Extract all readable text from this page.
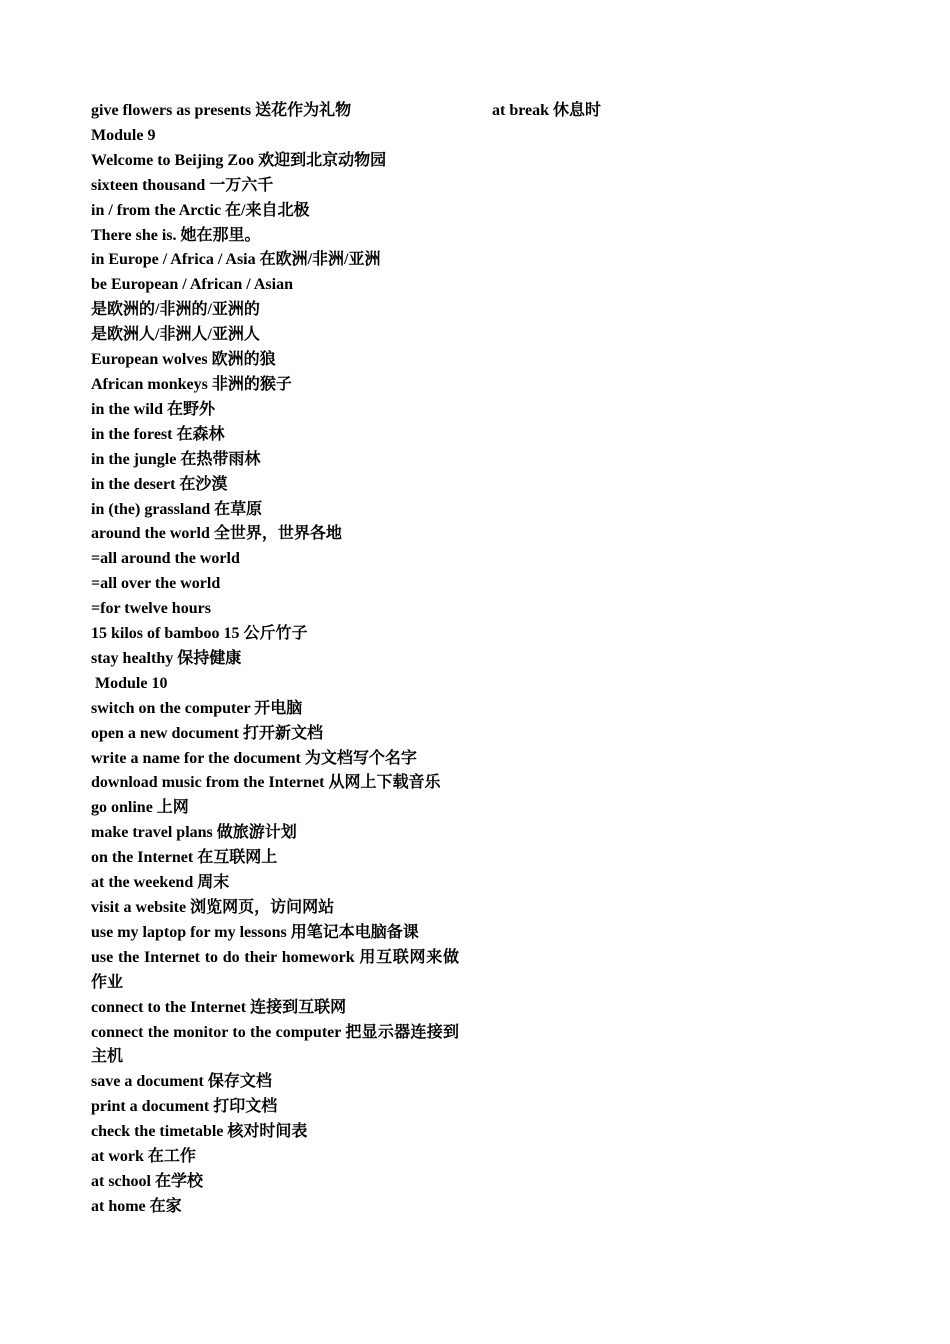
at break 休息时

give flowers as presents 送花作为礼物

Module 9

Welcome to Beijing Zoo 欢迎到北京动物园

sixteen thousand 一万六千

in / from the Arctic 在/来自北极

There she is. 她在那里。

in Europe / Africa / Asia 在欧洲/非洲/亚洲

be European / African / Asian

是欧洲的/非洲的/亚洲的

是欧洲人/非洲人/亚洲人

European wolves 欧洲的狼

African monkeys 非洲的猴子

in the wild 在野外

in the forest 在森林

in the jungle 在热带雨林

in the desert 在沙漠

in (the) grassland 在草原

around the world 全世界，世界各地

=all around the world

=all over the world

=for twelve hours

15 kilos of bamboo 15 公斤竹子

stay healthy 保持健康

Module 10

switch on the computer 开电脑

open a new document 打开新文档

write a name for the document 为文档写个名字

download music from the Internet 从网上下载音乐

go online 上网

make travel plans 做旅游计划

on the Internet 在互联网上

at the weekend 周末

visit a website 浏览网页，访问网站

use my laptop for my lessons 用笔记本电脑备课

use the Internet to do their homework 用互联网来做作业

connect to the Internet 连接到互联网

connect the monitor to the computer 把显示器连接到主机

save a document 保存文档

print a document 打印文档

check the timetable 核对时间表

at work 在工作

at school 在学校

at home 在家
